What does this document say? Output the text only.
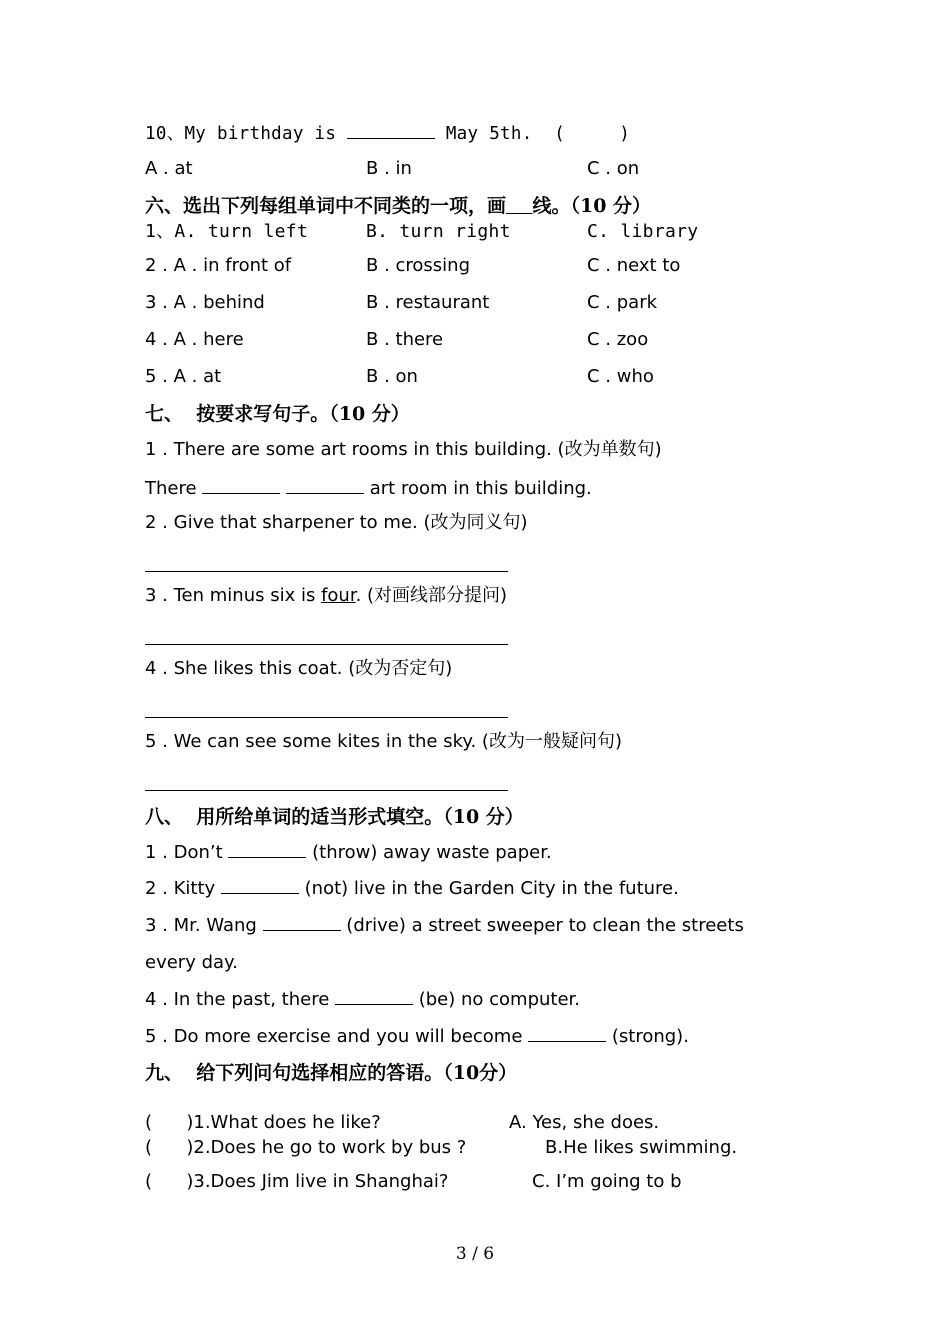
10、My birthday is	May 5th.  (     )
A . at	B . in	C . on
六、选出下列每组单词中不同类的一项，画 线。（10 分）
1、A. turn left	B. turn right	C. library
2 . A . in front of	B . crossing	C . next to
3 . A . behind	B . restaurant	C . park
4 . A . here	B . there	C . zoo
5 . A . at	B . on	C . who
七、  按要求写句子。（10 分）
1 . There are some art rooms in this building. (改为单数句)
There	art room in this building.
2 . Give that sharpener to me. (改为同义句)
3 . Ten minus six is four. (对画线部分提问)
4 . She likes this coat. (改为否定句)
5 . We can see some kites in the sky. (改为一般疑问句)
八、  用所给单词的适当形式填空。（10 分）
1 . Don’t	(throw) away waste paper.
2 . Kitty	(not) live in the Garden City in the future.
3 . Mr. Wang	(drive) a street sweeper to clean the streets
every day.
4 . In the past, there	(be) no computer.
5 . Do more exercise and you will become	(strong).
九、  给下列问句选择相应的答语。（10分）
(      )1.What does he like?	A. Yes, she does.
(      )2.Does he go to work by bus ?	B.He likes swimming.
(      )3.Does Jim live in Shanghai?	C. I’m going to b
3 / 6
